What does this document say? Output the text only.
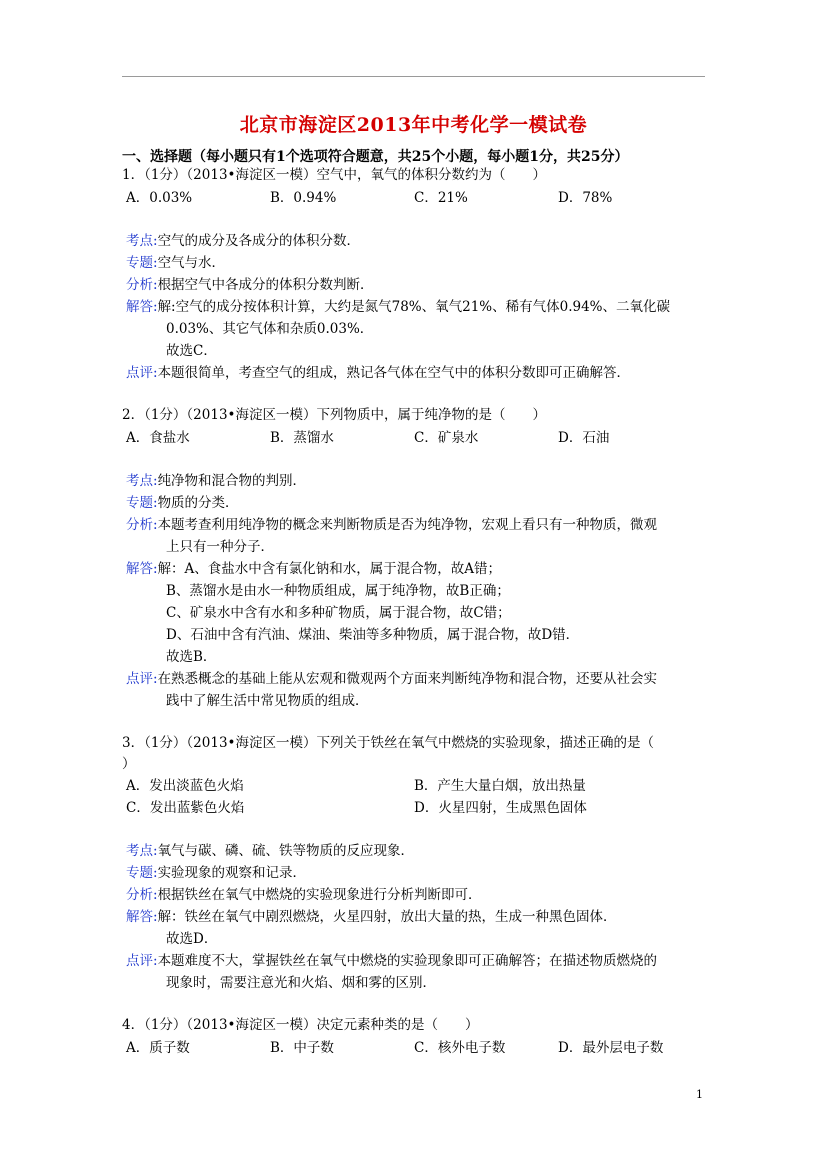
北京市海淀区2013年中考化学一模试卷
一、选择题（每小题只有1个选项符合题意，共25个小题，每小题1分，共25分）
1．（1分）（2013•海淀区一模）空气中，氧气的体积分数约为（　　）
A．0.03%	B．0.94%	C．21%	D．78%
考点:空气的成分及各成分的体积分数．
专题:空气与水．
分析:根据空气中各成分的体积分数判断．
解答:解:空气的成分按体积计算，大约是氮气78%、氧气21%、稀有气体0.94%、二氧化碳
0.03%、其它气体和杂质0.03%．
故选C．
点评:本题很简单，考查空气的组成，熟记各气体在空气中的体积分数即可正确解答．
2．（1分）（2013•海淀区一模）下列物质中，属于纯净物的是（　　）
A．食盐水	B．蒸馏水	C．矿泉水	D．石油
考点:纯净物和混合物的判别．
专题:物质的分类．
分析:本题考查利用纯净物的概念来判断物质是否为纯净物，宏观上看只有一种物质，微观
上只有一种分子．
解答:解：A、食盐水中含有氯化钠和水，属于混合物，故A错；
B、蒸馏水是由水一种物质组成，属于纯净物，故B正确；
C、矿泉水中含有水和多种矿物质，属于混合物，故C错；
D、石油中含有汽油、煤油、柴油等多种物质，属于混合物，故D错．
故选B．
点评:在熟悉概念的基础上能从宏观和微观两个方面来判断纯净物和混合物，还要从社会实
践中了解生活中常见物质的组成．
3．（1分）（2013•海淀区一模）下列关于铁丝在氧气中燃烧的实验现象，描述正确的是（
）
A．发出淡蓝色火焰	B．产生大量白烟，放出热量
C．发出蓝紫色火焰	D．火星四射，生成黑色固体
考点:氧气与碳、磷、硫、铁等物质的反应现象．
专题:实验现象的观察和记录．
分析:根据铁丝在氧气中燃烧的实验现象进行分析判断即可．
解答:解：铁丝在氧气中剧烈燃烧，火星四射，放出大量的热，生成一种黑色固体．
故选D．
点评:本题难度不大，掌握铁丝在氧气中燃烧的实验现象即可正确解答；在描述物质燃烧的
现象时，需要注意光和火焰、烟和雾的区别．
4．（1分）（2013•海淀区一模）决定元素种类的是（　　）
A．质子数	B．中子数	C．核外电子数	D．最外层电子数
1
